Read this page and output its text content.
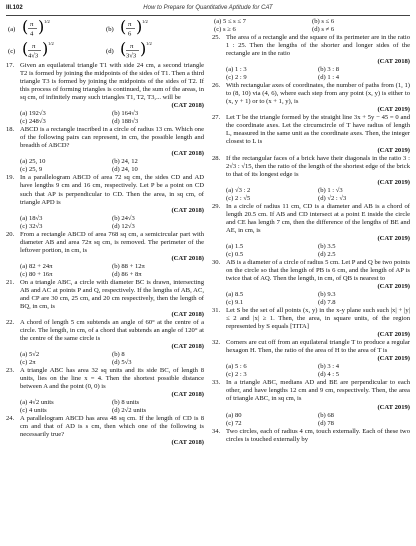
III.102	How to Prepare for Quantitative Aptitude for CAT
(a) ( π
4 ) 1/2
(b) ( π
6 ) 1/2
(c) ( π
4√3 ) 1/2
(d) ( π
3√3 ) 1/2
17. Given an equilateral triangle T1 with side 24 cm, a second triangle T2 is formed by joining the midpoints of the sides of T1. Then a third triangle T3 is formed by joining the midpoints of the sides of T2. If this process of forming triangles is continued, the sum of the areas, in sq cm, of infinitely many such triangles T1, T2, T3,... will be
(CAT 2018)
(a) 192√3	(b) 164√3
(c) 248√3	(d) 188√3
18. ABCD is a rectangle inscribed in a circle of radius 13 cm. Which one of the following pairs can represent, in cm, the possible length and breadth of ABCD?
(CAT 2018)
(a) 25, 10	(b) 24, 12
(c) 25, 9	(d) 24, 10
19. In a parallelogram ABCD of area 72 sq cm, the sides CD and AD have lengths 9 cm and 16 cm, respectively. Let P be a point on CD such that AP is perpendicular to CD. Then the area, in sq cm, of triangle APD is
(CAT 2018)
(a) 18√3	(b) 24√3
(c) 32√3	(d) 12√3
20. From a rectangle ABCD of area 768 sq cm, a semicircular part with diameter AB and area 72π sq cm, is removed. The perimeter of the leftover portion, in cm, is
(CAT 2018)
(a) 82 + 24π	(b) 88 + 12π
(c) 80 + 16π	(d) 86 + 8π
21. On a triangle ABC, a circle with diameter BC is drawn, intersecting AB and AC at points P and Q, respectively. If the lengths of AB, AC, and CP are 30 cm, 25 cm, and 20 cm respectively, then the length of BQ, in cm, is
(CAT 2018)
22. A chord of length 5 cm subtends an angle of 60° at the centre of a circle. The length, in cm, of a chord that subtends an angle of 120° at the centre of the same circle is
(CAT 2018)
(a) 5√2	(b) 8
(c) 2π	(d) 5√3
23. A triangle ABC has area 32 sq units and its side BC, of length 8 units, lies on the line x = 4. Then the shortest possible distance between A and the point (0, 0) is
(CAT 2018)
(a) 4√2 units	(b) 8 units
(c) 4 units	(d) 2√2 units
24. A parallelogram ABCD has area 48 sq cm. If the length of CD is 8 cm and that of AD is s cm, then which one of the following is necessarily true?
(CAT 2018)
(a) 5 ≤ s ≤ 7	(b) s ≤ 6
(c) s ≥ 6	(d) s ≠ 6
25. The area of a rectangle and the square of its perimeter are in the ratio 1 : 25. Then the lengths of the shorter and longer sides of the rectangle are in the ratio
(CAT 2018)
(a) 1 : 3	(b) 3 : 8
(c) 2 : 9	(d) 1 : 4
26. With rectangular axes of coordinates, the number of paths from (1, 1) to (8, 10) via (4, 6), where each step from any point (x, y) is either to (x, y + 1) or to (x + 1, y), is
(CAT 2019)
27. Let T be the triangle formed by the straight line 3x + 5y − 45 = 0 and the coordinate axes. Let the circumcircle of T have radius of length L, measured in the same unit as the coordinate axes. Then, the integer closest to L is
(CAT 2019)
28. If the rectangular faces of a brick have their diagonals in the ratio 3 : 2√3 : √15, then the ratio of the length of the shortest edge of the brick to that of its longest edge is
(CAT 2019)
(a) √3 : 2	(b) 1 : √3
(c) 2 : √5	(d) √2 : √3
29. In a circle of radius 11 cm, CD is a diameter and AB is a chord of length 20.5 cm. If AB and CD intersect at a point E inside the circle and CE has length 7 cm, then the difference of the lengths of BE and AE, in cm, is
(CAT 2019)
(a) 1.5	(b) 3.5
(c) 0.5	(d) 2.5
30. AB is a diameter of a circle of radius 5 cm. Let P and Q be two points on the circle so that the length of PB is 6 cm, and the length of AP is twice that of AQ. Then the length, in cm, of QB is nearest to
(CAT 2019)
(a) 8.5	(b) 9.3
(c) 9.1	(d) 7.8
31. Let S be the set of all points (x, y) in the x-y plane such such |x| + |y| ≤ 2 and |x| ≥ 1. Then, the area, in square units, of the region represented by S equals [TITA]
(CAT 2019)
32. Corners are cut off from an equilateral triangle T to produce a regular hexagon H. Then, the ratio of the area of H to the area of T is
(CAT 2019)
(a) 5 : 6	(b) 3 : 4
(c) 2 : 3	(d) 4 : 5
33. In a triangle ABC, medians AD and BE are perpendicular to each other, and have lengths 12 cm and 9 cm, respectively. Then, the area of triangle ABC, in sq cm, is
(CAT 2019)
(a) 80	(b) 68
(c) 72	(d) 78
34. Two circles, each of radius 4 cm, touch externally. Each of these two circles is touched externally by
